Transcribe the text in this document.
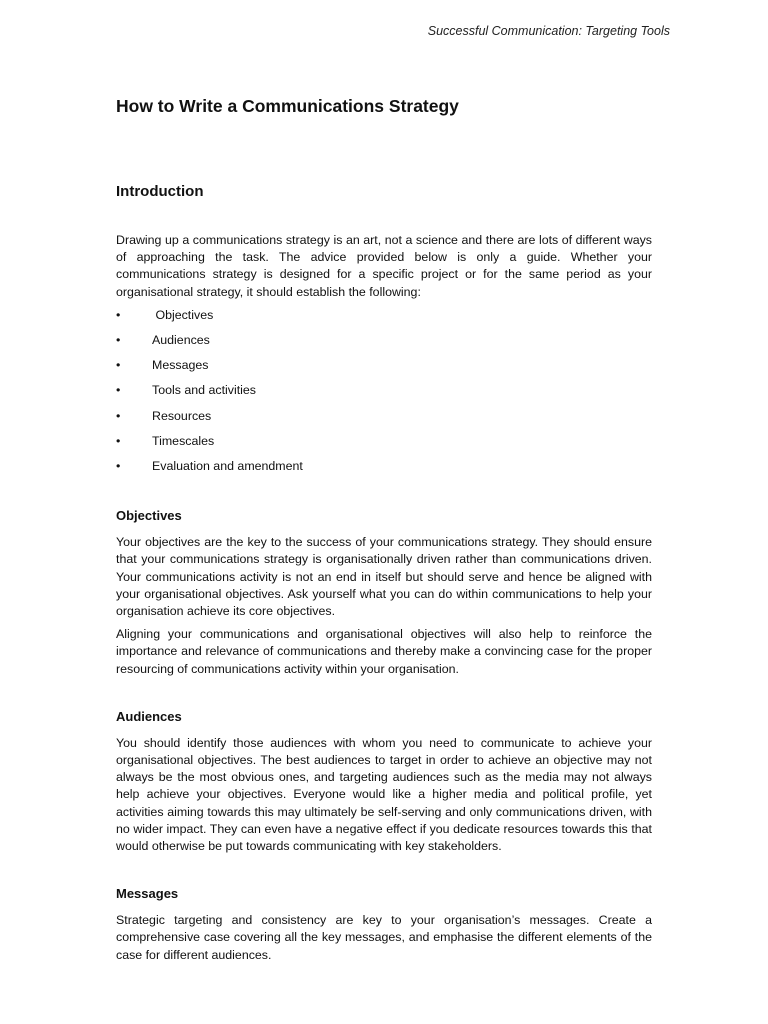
Successful Communication: Targeting Tools
How to Write a Communications Strategy
Introduction

Drawing up a communications strategy is an art, not a science and there are lots of different ways of approaching the task. The advice provided below is only a guide. Whether your communications strategy is designed for a specific project or for the same period as your organisational strategy, it should establish the following:

•	Objectives
•	Audiences
•	Messages
•	Tools and activities
•	Resources
•	Timescales
•	Evaluation and amendment
Objectives

Your objectives are the key to the success of your communications strategy. They should ensure that your communications strategy is organisationally driven rather than communications driven. Your communications activity is not an end in itself but should serve and hence be aligned with your organisational objectives. Ask yourself what you can do within communications to help your organisation achieve its core objectives.

Aligning your communications and organisational objectives will also help to reinforce the importance and relevance of communications and thereby make a convincing case for the proper resourcing of communications activity within your organisation.

Audiences

You should identify those audiences with whom you need to communicate to achieve your organisational objectives. The best audiences to target in order to achieve an objective may not always be the most obvious ones, and targeting audiences such as the media may not always help achieve your objectives. Everyone would like a higher media and political profile, yet activities aiming towards this may ultimately be self-serving and only communications driven, with no wider impact. They can even have a negative effect if you dedicate resources towards this that would otherwise be put towards communicating with key stakeholders.

Messages

Strategic targeting and consistency are key to your organisation’s messages. Create a comprehensive case covering all the key messages, and emphasise the different elements of the case for different audiences.
